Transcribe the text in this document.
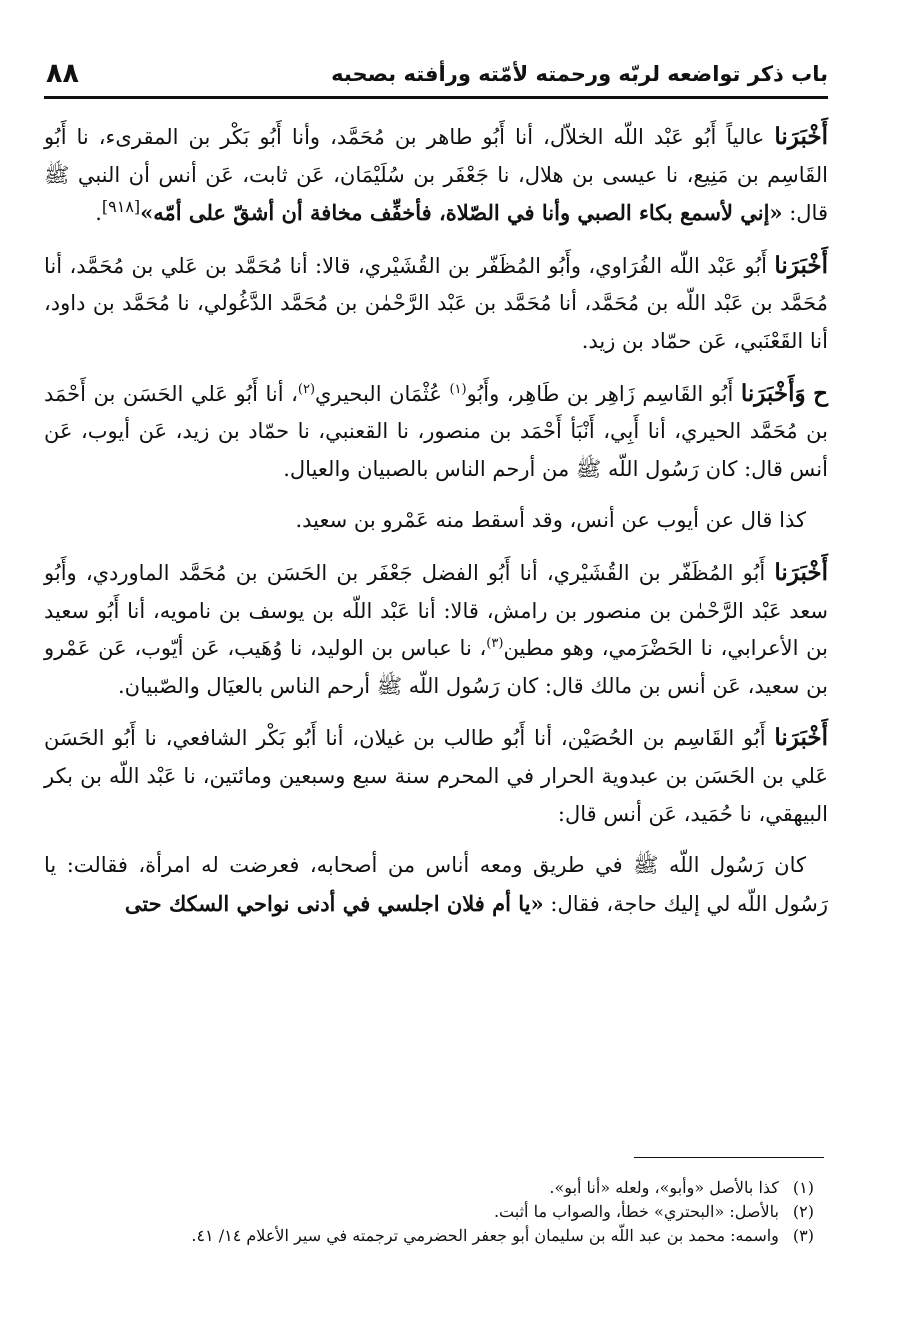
باب ذكر تواضعه لربّه ورحمته لأمّته ورأفته بصحبه
٨٨

أَخْبَرَنا عالياً أَبُو عَبْد اللّه الخلاّل، أنا أَبُو طاهر بن مُحَمَّد، وأنا أَبُو بَكْر بن المقرىء، نا أَبُو القَاسِم بن مَنِيع، نا عيسى بن هلال، نا جَعْفَر بن سُلَيْمَان، عَن ثابت، عَن أنس أن النبي ﷺ قال: «إني لأسمع بكاء الصبي وأنا في الصّلاة، فأخفِّف مخافة أن أشقّ على أمّه»[٩١٨].

أَخْبَرَنا أَبُو عَبْد اللّه الفُرَاوي، وأَبُو المُظَفّر بن القُشَيْري، قالا: أنا مُحَمَّد بن عَلي بن مُحَمَّد، أنا مُحَمَّد بن عَبْد اللّه بن مُحَمَّد، أنا مُحَمَّد بن عَبْد الرَّحْمٰن بن مُحَمَّد الدَّغُولي، نا مُحَمَّد بن داود، أنا القَعْنَبي، عَن حمّاد بن زيد.

ح وَأَخْبَرَنا أَبُو القَاسِم زَاهِر بن طَاهِر، وأَبُو$^{(١)}$ عُثْمَان البحيري$^{(٢)}$، أنا أَبُو عَلي الحَسَن بن أَحْمَد بن مُحَمَّد الحيري، أنا أَبِي، أَنْبَأ أَحْمَد بن منصور، نا القعنبي، نا حمّاد بن زيد، عَن أيوب، عَن أنس قال: كان رَسُول اللّه ﷺ من أرحم الناس بالصبيان والعيال.

كذا قال عن أيوب عن أنس، وقد أسقط منه عَمْرو بن سعيد.

أَخْبَرَنا أَبُو المُظَفّر بن القُشَيْري، أنا أَبُو الفضل جَعْفَر بن الحَسَن بن مُحَمَّد الماوردي، وأَبُو سعد عَبْد الرَّحْمٰن بن منصور بن رامش، قالا: أنا عَبْد اللّه بن يوسف بن نامويه، أنا أَبُو سعيد بن الأعرابي، نا الحَضْرَمي، وهو مطين$^{(٣)}$، نا عباس بن الوليد، نا وُهَيب، عَن أيّوب، عَن عَمْرو بن سعيد، عَن أنس بن مالك قال: كان رَسُول اللّه ﷺ أرحم الناس بالعيَال والصّبيان.

أَخْبَرَنا أَبُو القَاسِم بن الحُصَيْن، أنا أَبُو طالب بن غيلان، أنا أَبُو بَكْر الشافعي، نا أَبُو الحَسَن عَلي بن الحَسَن بن عبدوية الحرار في المحرم سنة سبع وسبعين ومائتين، نا عَبْد اللّه بن بكر البيهقي، نا حُمَيد، عَن أنس قال:

كان رَسُول اللّه ﷺ في طريق ومعه أناس من أصحابه، فعرضت له امرأة، فقالت: يا رَسُول اللّه لي إليك حاجة، فقال: «يا أم فلان اجلسي في أدنى نواحي السكك حتى

(١) كذا بالأصل «وأبو»، ولعله «أنا أبو».

(٢) بالأصل: «البحتري» خطأ، والصواب ما أثبت.

(٣) واسمه: محمد بن عبد اللّه بن سليمان أبو جعفر الحضرمي ترجمته في سير الأعلام ١٤/ ٤١.
